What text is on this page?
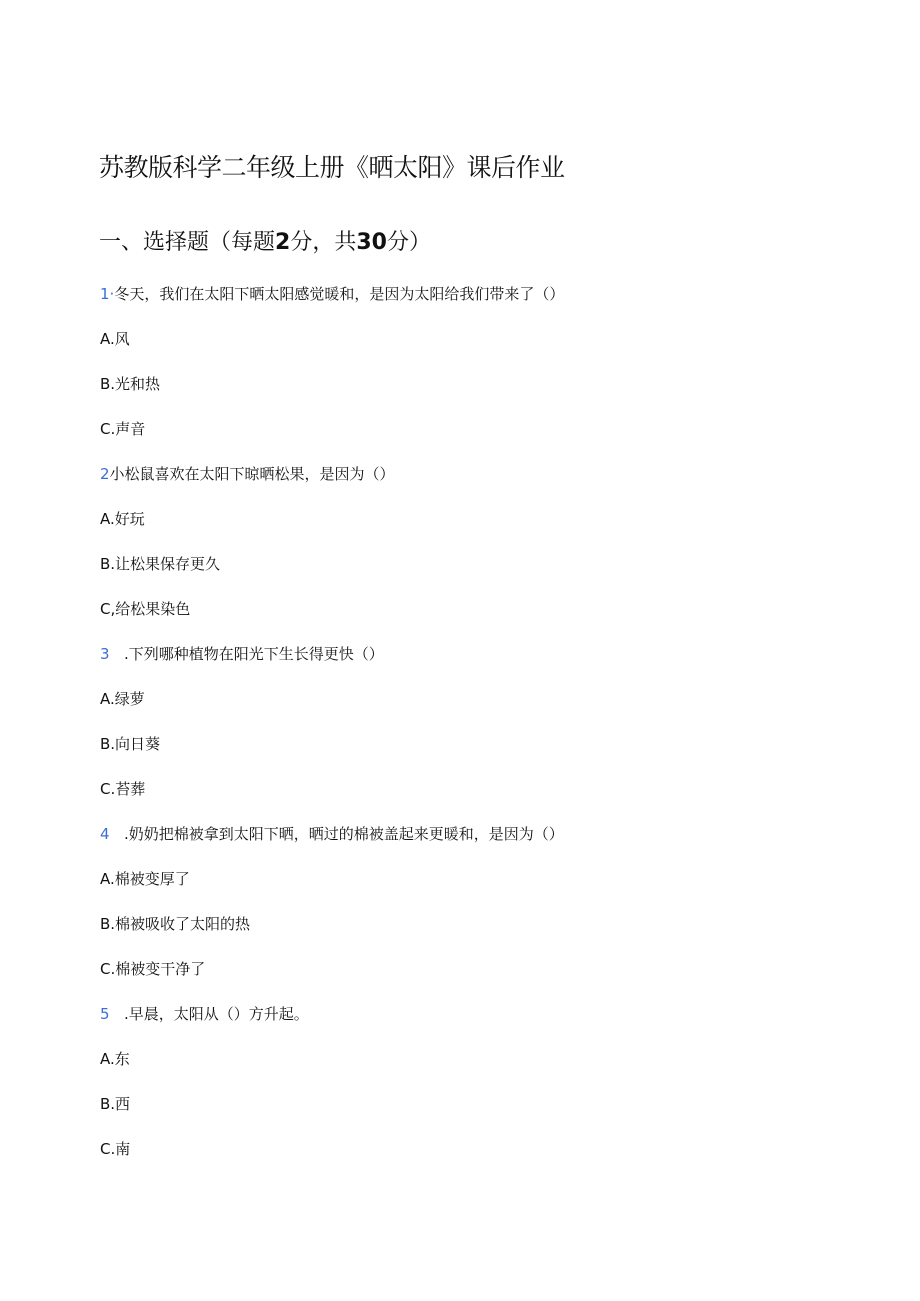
苏教版科学二年级上册《晒太阳》课后作业
一、选择题（每题2分，共30分）
1·冬天，我们在太阳下晒太阳感觉暖和，是因为太阳给我们带来了（）
A.风
B.光和热
C.声音
2小松鼠喜欢在太阳下晾晒松果，是因为（）
A.好玩
B.让松果保存更久
C,给松果染色
3 .下列哪种植物在阳光下生长得更快（）
A.绿萝
B.向日葵
C.苔葬
4 .奶奶把棉被拿到太阳下晒，晒过的棉被盖起来更暖和，是因为（）
A.棉被变厚了
B.棉被吸收了太阳的热
C.棉被变干净了
5 .早晨，太阳从（）方升起。
A.东
B.西
C.南
